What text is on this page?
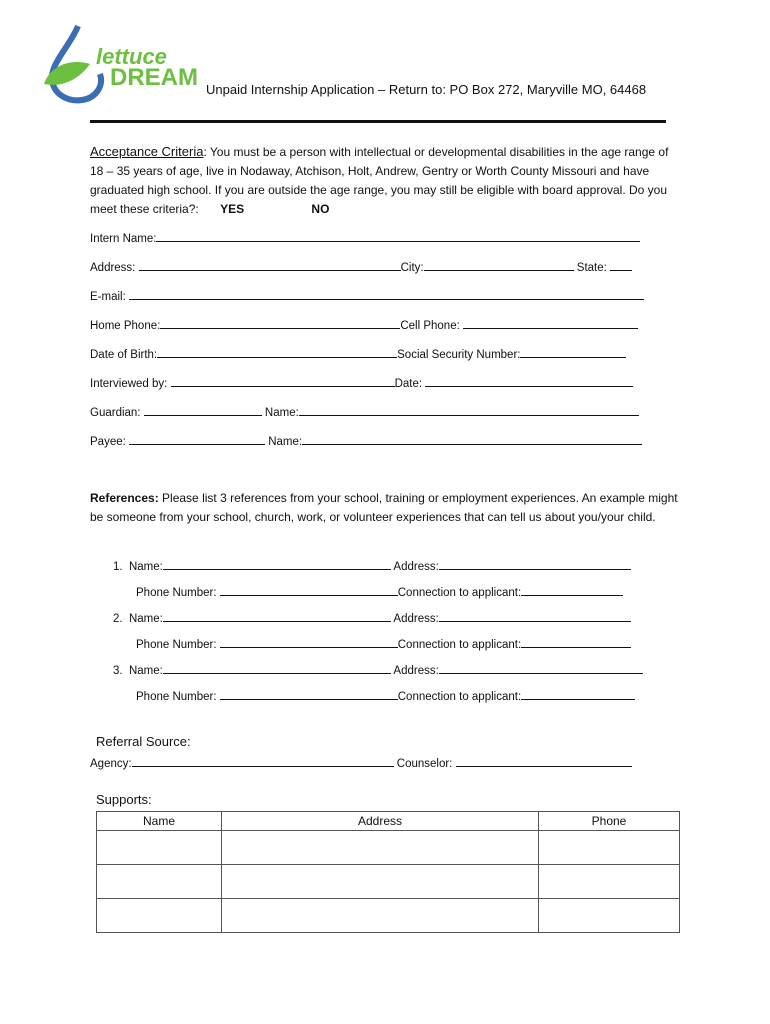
lettuce
DREAM Unpaid Internship Application – Return to: PO Box 272, Maryville MO, 64468
Acceptance Criteria: You must be a person with intellectual or developmental disabilities in the age range of 18 – 35 years of age, live in Nodaway, Atchison, Holt, Andrew, Gentry or Worth County Missouri and have graduated high school. If you are outside the age range, you may still be eligible with board approval. Do you meet these criteria?: YES	NO
Intern Name:
Address:	City:	State:
E-mail:
Home Phone:	Cell Phone:
Date of Birth:	Social Security Number:
Interviewed by:	Date:
Guardian:	Name:
Payee:	Name:
References: Please list 3 references from your school, training or employment experiences. An example might be someone from your school, church, work, or volunteer experiences that can tell us about you/your child.
1. Name:	Address:
Phone Number:	Connection to applicant:
2. Name:	Address:
Phone Number:	Connection to applicant:
3. Name:	Address:
Phone Number:	Connection to applicant:
Referral Source:
Agency:	Counselor:
Supports:
Name	Address	Phone
